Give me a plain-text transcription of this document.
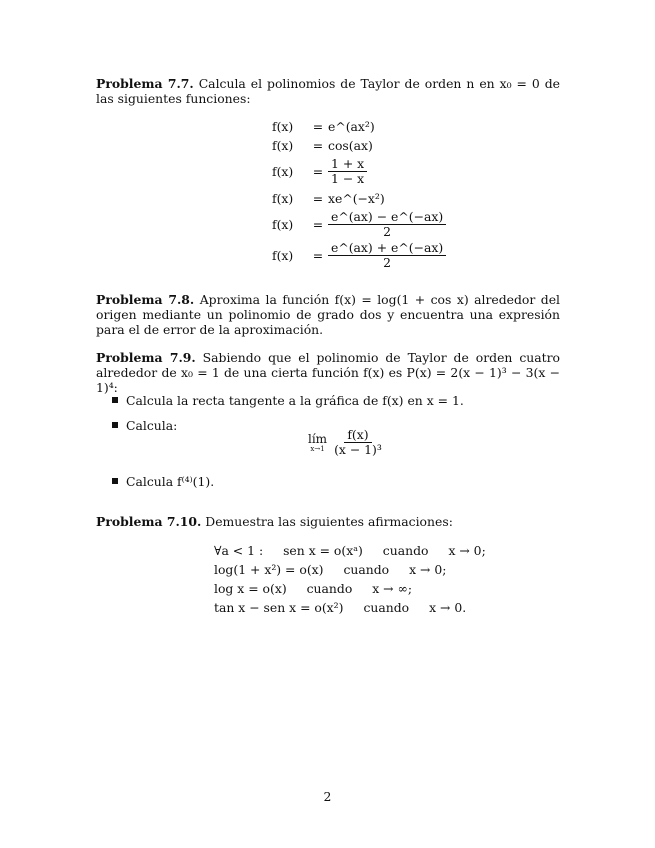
Problema 7.7. Calcula el polinomios de Taylor de orden n en x₀ = 0 de las siguientes funciones:
f(x)	= e^(ax²)
f(x)	= cos(ax)
f(x)	= $\frac{1 + x}{1 - x}$
f(x)	= xe^(−x²)
f(x)	= $\frac{e\^{}(ax) - e\^{}(-ax)}{2}$
f(x)	= $\frac{e\^{}(ax) + e\^{}(-ax)}{2}$
Problema 7.8. Aproxima la función f(x) = log(1 + cos x) alrededor del origen mediante un polinomio de grado dos y encuentra una expresión para el de error de la aproximación.
Problema 7.9. Sabiendo que el polinomio de Taylor de orden cuatro alrededor de x₀ = 1 de una cierta función f(x) es P(x) = 2(x − 1)³ − 3(x − 1)⁴:
Calcula la recta tangente a la gráfica de f(x) en x = 1.
Calcula:
lím
$x\to 1 \frac{f(x)}{\text{(x − 1)³}}$
Calcula f⁽⁴⁾(1).
Problema 7.10. Demuestra las siguientes afirmaciones:
∀a < 1 : sen x = o(xᵃ) cuando x → 0;
log(1 + x²) = o(x) cuando x → 0;
log x = o(x) cuando x → ∞;
tan x − sen x = o(x²) cuando x → 0.
2
